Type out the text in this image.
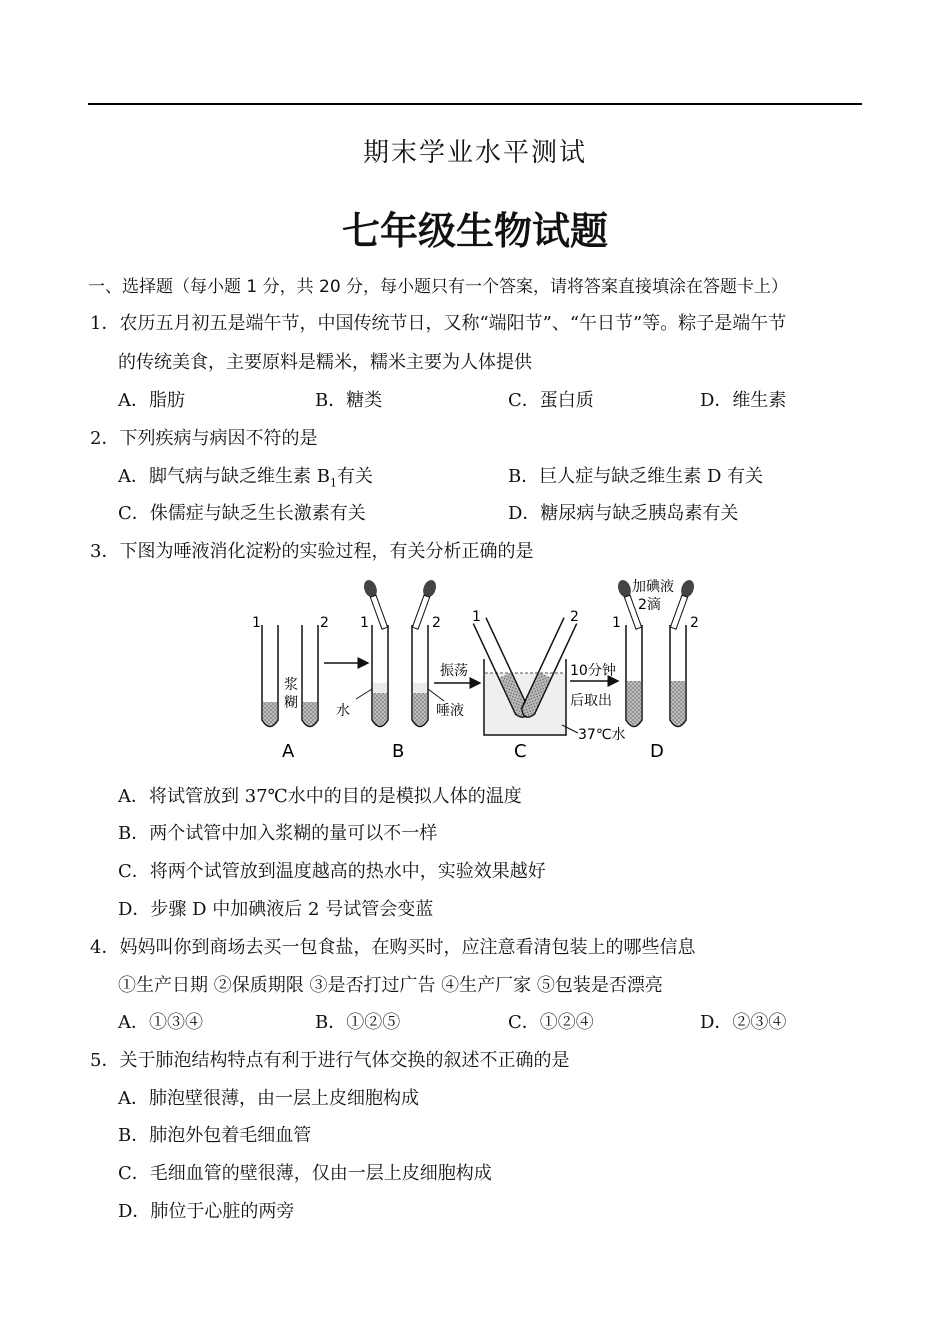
期末学业水平测试
七年级生物试题
一、选择题（每小题 1 分，共 20 分，每小题只有一个答案，请将答案直接填涂在答题卡上）
1．农历五月初五是端午节，中国传统节日，又称“端阳节”、“午日节”等。粽子是端午节
的传统美食，主要原料是糯米，糯米主要为人体提供
A．脂肪	B．糖类	C．蛋白质	D．维生素
2．下列疾病与病因不符的是
A．脚气病与缺乏维生素 $B_1$有关	B．巨人症与缺乏维生素 D 有关
C．侏儒症与缺乏生长激素有关	D．糖尿病与缺乏胰岛素有关
3．下图为唾液消化淀粉的实验过程，有关分析正确的是
1	2
浆
糊
A
1	2
水	唾液
振荡
B
1	2
37℃水
10分钟
后取出
C
1	2
加碘液
2滴
D
A．将试管放到 37℃水中的目的是模拟人体的温度
B．两个试管中加入浆糊的量可以不一样
C．将两个试管放到温度越高的热水中，实验效果越好
D．步骤 D 中加碘液后 2 号试管会变蓝
4．妈妈叫你到商场去买一包食盐，在购买时，应注意看清包装上的哪些信息
①生产日期 ②保质期限 ③是否打过广告 ④生产厂家 ⑤包装是否漂亮
A．①③④	B．①②⑤	C．①②④	D．②③④
5．关于肺泡结构特点有利于进行气体交换的叙述不正确的是
A．肺泡壁很薄，由一层上皮细胞构成
B．肺泡外包着毛细血管
C．毛细血管的壁很薄，仅由一层上皮细胞构成
D．肺位于心脏的两旁
